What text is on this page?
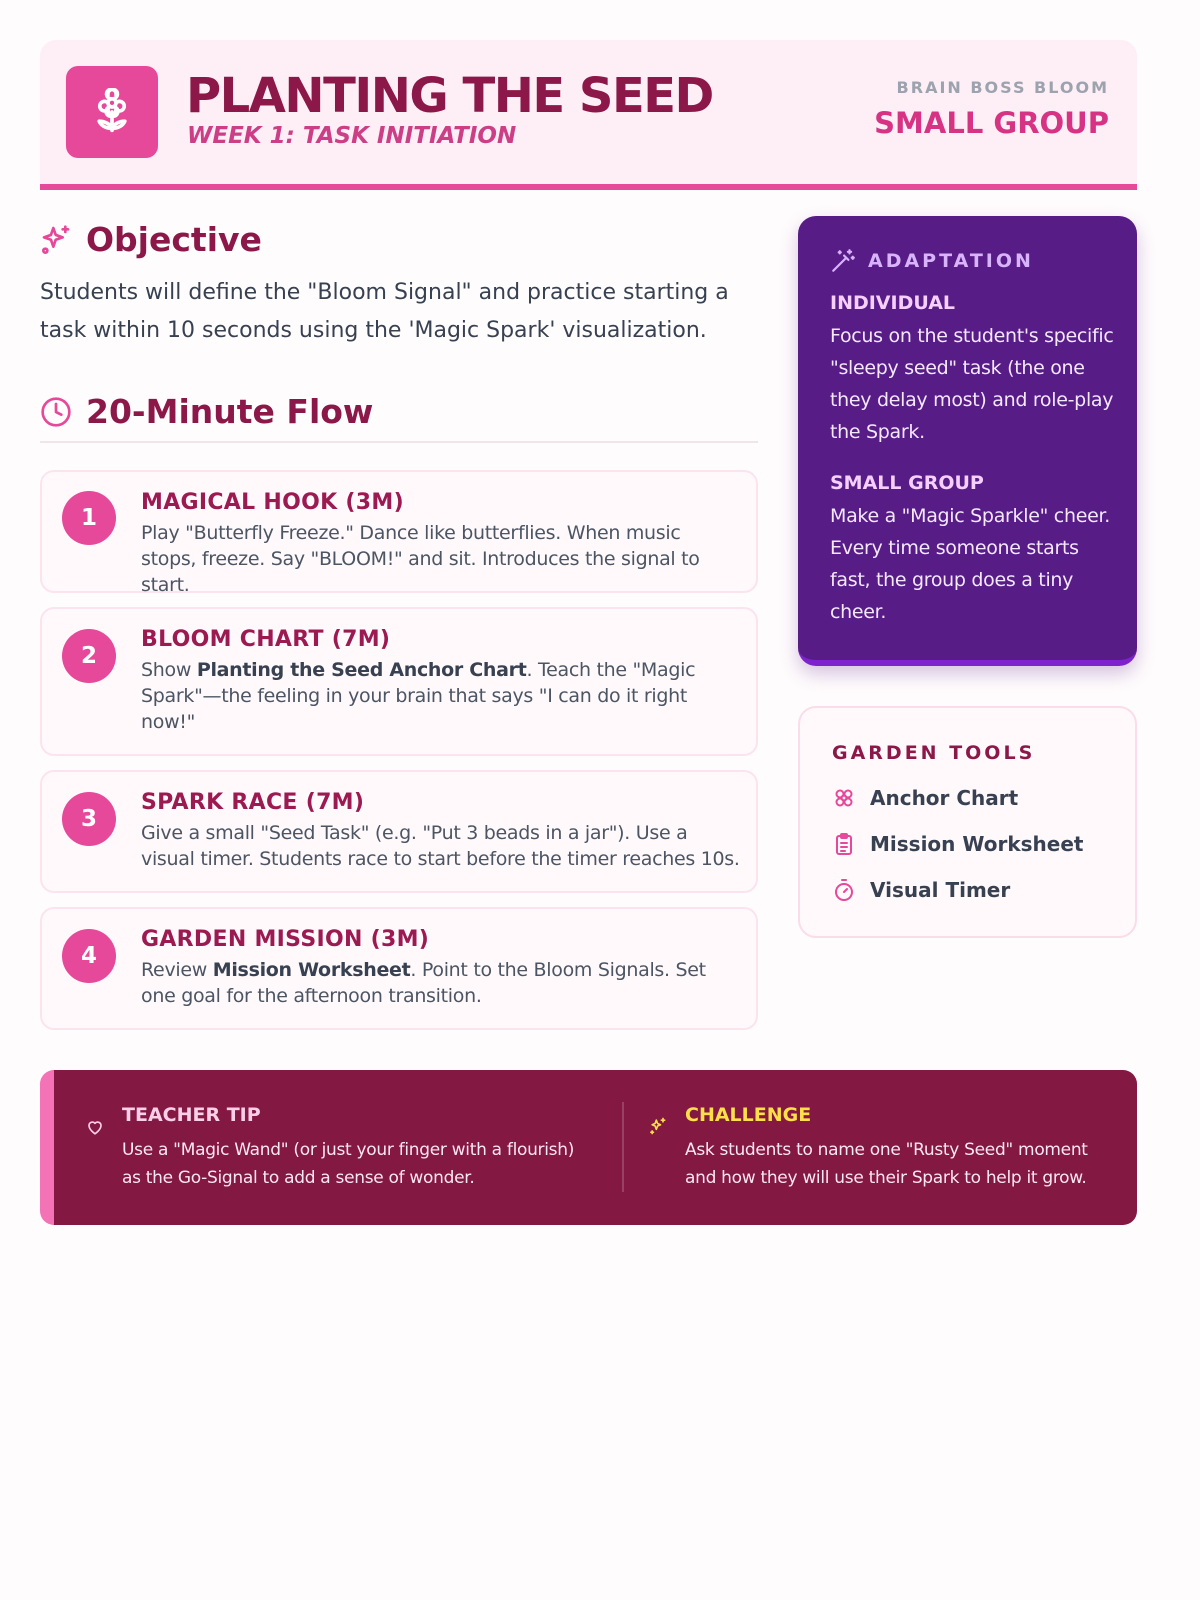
PLANTING THE SEED
WEEK 1: TASK INITIATION
BRAIN BOSS BLOOM
SMALL GROUP
Objective
Students will define the "Bloom Signal" and practice starting a task within 10 seconds using the 'Magic Spark' visualization.
20-Minute Flow
1
MAGICAL HOOK (3M)
Play "Butterfly Freeze." Dance like butterflies. When music stops, freeze. Say "BLOOM!" and sit. Introduces the signal to start.
2
BLOOM CHART (7M)
Show Planting the Seed Anchor Chart. Teach the "Magic Spark"—the feeling in your brain that says "I can do it right now!"
3
SPARK RACE (7M)
Give a small "Seed Task" (e.g. "Put 3 beads in a jar"). Use a visual timer. Students race to start before the timer reaches 10s.
4
GARDEN MISSION (3M)
Review Mission Worksheet. Point to the Bloom Signals. Set one goal for the afternoon transition.
ADAPTATION
INDIVIDUAL
Focus on the student's specific "sleepy seed" task (the one they delay most) and role-play the Spark.
SMALL GROUP
Make a "Magic Sparkle" cheer. Every time someone starts fast, the group does a tiny cheer.
GARDEN TOOLS
Anchor Chart
Mission Worksheet
Visual Timer
TEACHER TIP
Use a "Magic Wand" (or just your finger with a flourish) as the Go-Signal to add a sense of wonder.
CHALLENGE
Ask students to name one "Rusty Seed" moment and how they will use their Spark to help it grow.
